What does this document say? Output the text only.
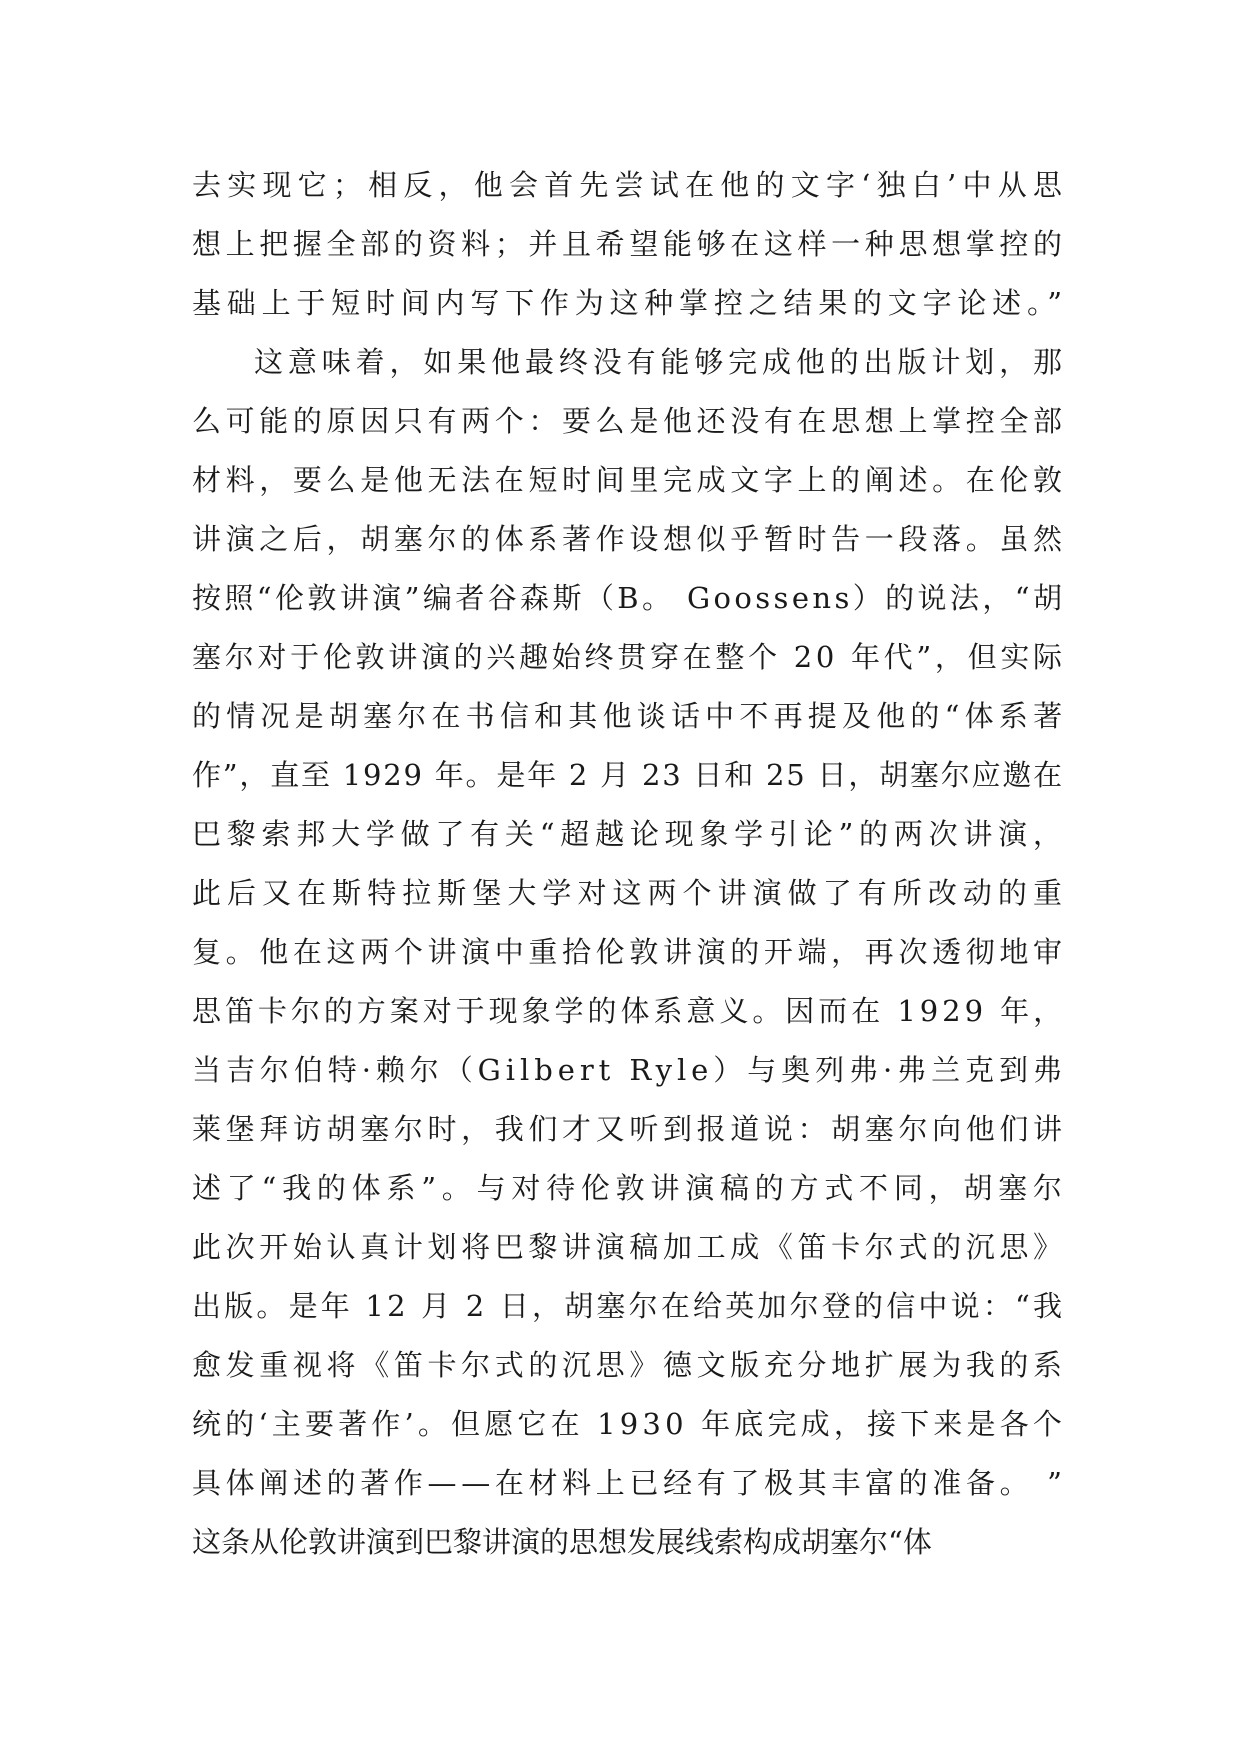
去实现它；相反，他会首先尝试在他的文字‘独白’中从思
想上把握全部的资料；并且希望能够在这样一种思想掌控的
基础上于短时间内写下作为这种掌控之结果的文字论述。”
这意味着，如果他最终没有能够完成他的出版计划，那
么可能的原因只有两个：要么是他还没有在思想上掌控全部
材料，要么是他无法在短时间里完成文字上的阐述。在伦敦
讲演之后，胡塞尔的体系著作设想似乎暂时告一段落。虽然
按照“伦敦讲演”编者谷森斯（B。 Goossens）的说法，“胡
塞尔对于伦敦讲演的兴趣始终贯穿在整个 20 年代”，但实际
的情况是胡塞尔在书信和其他谈话中不再提及他的“体系著
作”，直至 1929 年。是年 2 月 23 日和 25 日，胡塞尔应邀在
巴黎索邦大学做了有关“超越论现象学引论”的两次讲演，
此后又在斯特拉斯堡大学对这两个讲演做了有所改动的重
复。他在这两个讲演中重拾伦敦讲演的开端，再次透彻地审
思笛卡尔的方案对于现象学的体系意义。因而在 1929 年，
当吉尔伯特·赖尔（Gilbert Ryle）与奥列弗·弗兰克到弗
莱堡拜访胡塞尔时，我们才又听到报道说：胡塞尔向他们讲
述了“我的体系”。与对待伦敦讲演稿的方式不同，胡塞尔
此次开始认真计划将巴黎讲演稿加工成《笛卡尔式的沉思》
出版。是年 12 月 2 日，胡塞尔在给英加尔登的信中说：“我
愈发重视将《笛卡尔式的沉思》德文版充分地扩展为我的系
统的‘主要著作’。但愿它在 1930 年底完成，接下来是各个
具体阐述的著作——在材料上已经有了极其丰富的准备。 ”
这条从伦敦讲演到巴黎讲演的思想发展线索构成胡塞尔“体
